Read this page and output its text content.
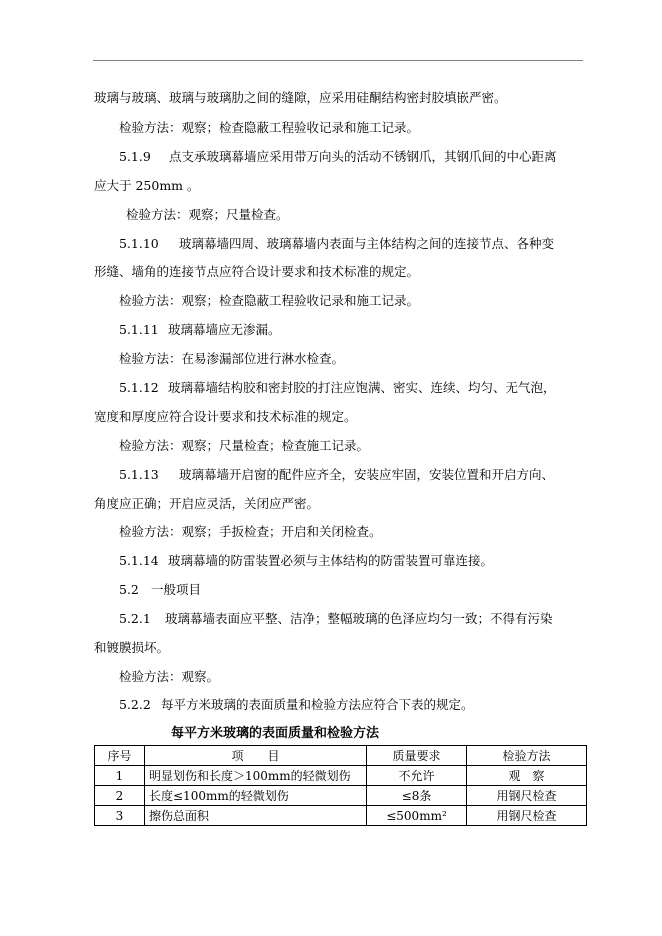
玻璃与玻璃、玻璃与玻璃肋之间的缝隙，应采用硅酮结构密封胶填嵌严密。
检验方法：观察；检查隐蔽工程验收记录和施工记录。
5.1.9 点支承玻璃幕墙应采用带万向头的活动不锈钢爪，其钢爪间的中心距离
应大于 250mm 。
检验方法：观察；尺量检查。
5.1.10 玻璃幕墙四周、玻璃幕墙内表面与主体结构之间的连接节点、各种变
形缝、墙角的连接节点应符合设计要求和技术标准的规定。
检验方法：观察；检查隐蔽工程验收记录和施工记录。
5.1.11 玻璃幕墙应无渗漏。
检验方法：在易渗漏部位进行淋水检查。
5.1.12 玻璃幕墙结构胶和密封胶的打注应饱满、密实、连续、均匀、无气泡，
宽度和厚度应符合设计要求和技术标准的规定。
检验方法：观察；尺量检查；检查施工记录。
5.1.13 玻璃幕墙开启窗的配件应齐全，安装应牢固，安装位置和开启方向、
角度应正确；开启应灵活，关闭应严密。
检验方法：观察；手扳检查；开启和关闭检查。
5.1.14 玻璃幕墙的防雷装置必须与主体结构的防雷装置可靠连接。
5.2 一般项目
5.2.1 玻璃幕墙表面应平整、洁净；整幅玻璃的色泽应均匀一致；不得有污染
和镀膜损坏。
检验方法：观察。
5.2.2 每平方米玻璃的表面质量和检验方法应符合下表的规定。
每平方米玻璃的表面质量和检验方法
序号	项　　目	质量要求	检验方法
1	明显划伤和长度＞100mm的轻微划伤	不允许	观　察
2	长度≤100mm的轻微划伤	≤8条	用钢尺检查
3	擦伤总面积	≤500mm²	用钢尺检查
